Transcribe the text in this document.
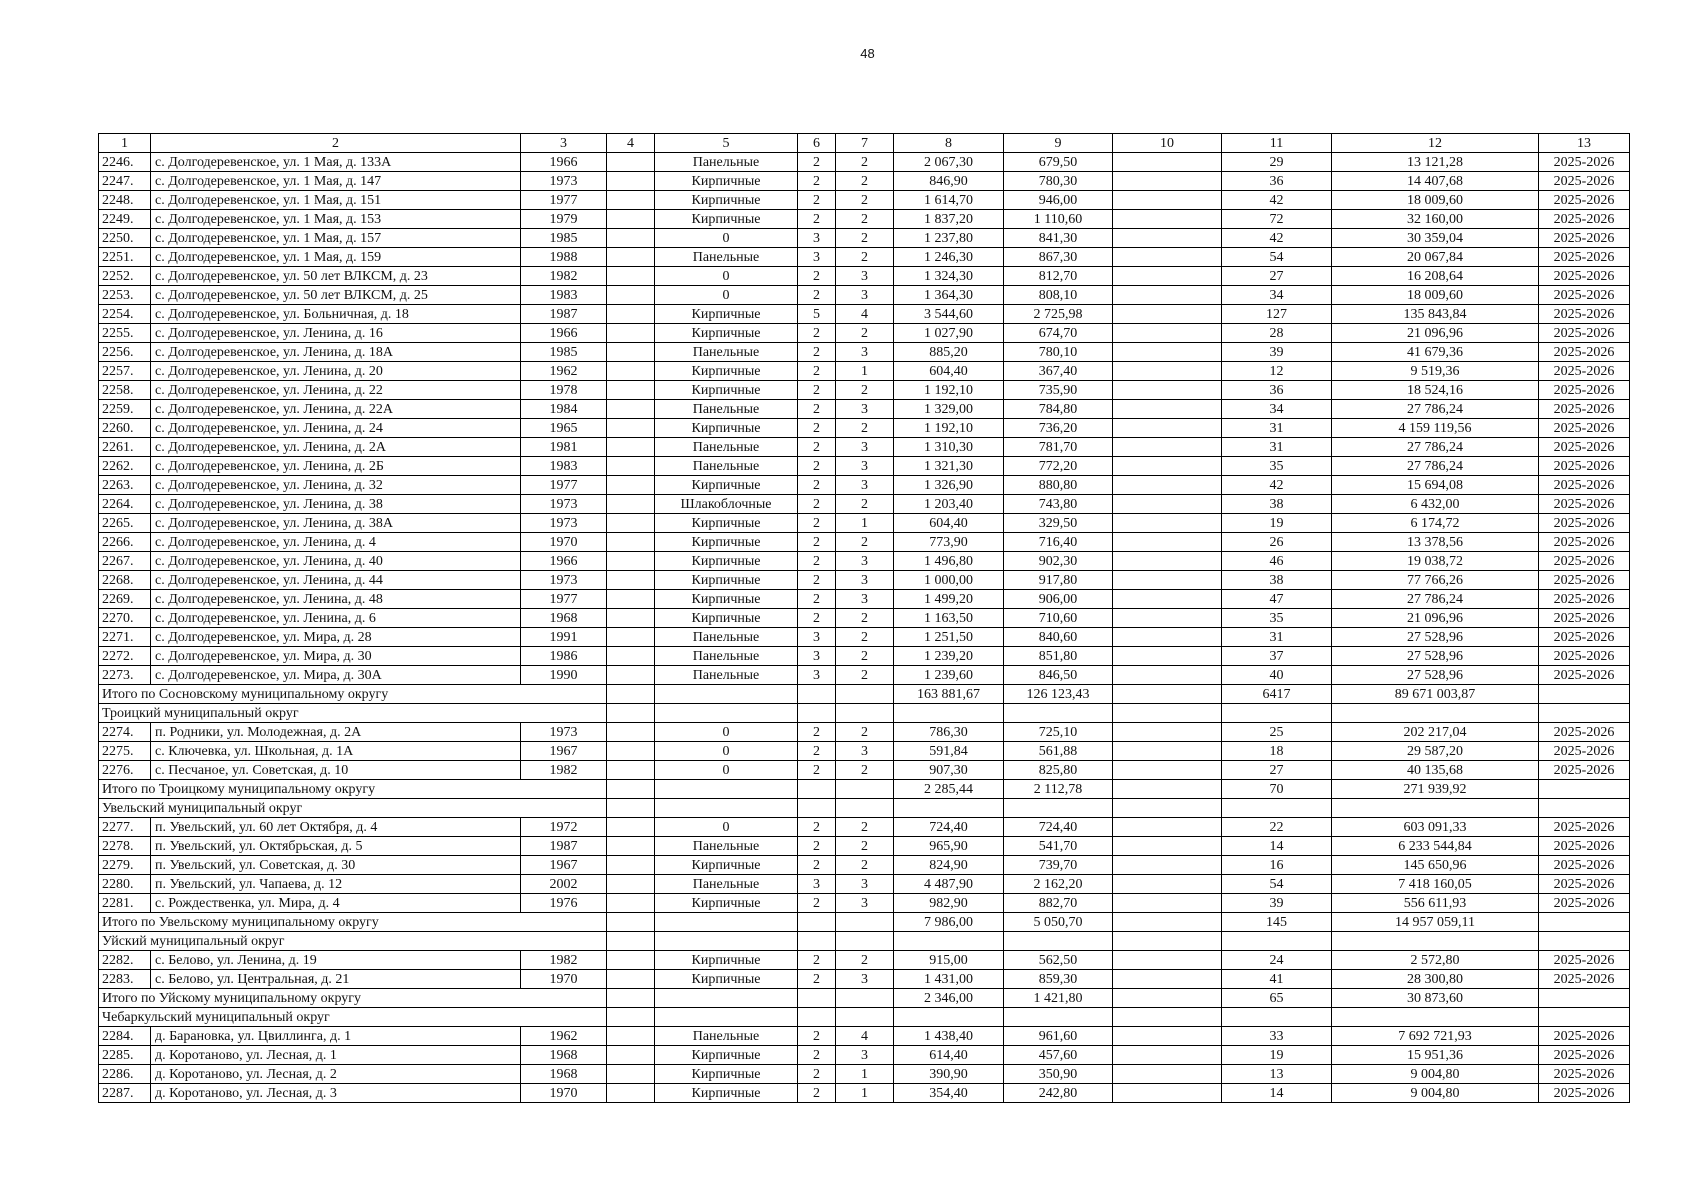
48
1	2	3	4	5	6	7	8	9	10	11	12	13
2246.	с. Долгодеревенское, ул. 1 Мая, д. 133А	1966		Панельные	2	2	2 067,30	679,50		29	13 121,28	2025-2026
2247.	с. Долгодеревенское, ул. 1 Мая, д. 147	1973		Кирпичные	2	2	846,90	780,30		36	14 407,68	2025-2026
2248.	с. Долгодеревенское, ул. 1 Мая, д. 151	1977		Кирпичные	2	2	1 614,70	946,00		42	18 009,60	2025-2026
2249.	с. Долгодеревенское, ул. 1 Мая, д. 153	1979		Кирпичные	2	2	1 837,20	1 110,60		72	32 160,00	2025-2026
2250.	с. Долгодеревенское, ул. 1 Мая, д. 157	1985		0	3	2	1 237,80	841,30		42	30 359,04	2025-2026
2251.	с. Долгодеревенское, ул. 1 Мая, д. 159	1988		Панельные	3	2	1 246,30	867,30		54	20 067,84	2025-2026
2252.	с. Долгодеревенское, ул. 50 лет ВЛКСМ, д. 23	1982		0	2	3	1 324,30	812,70		27	16 208,64	2025-2026
2253.	с. Долгодеревенское, ул. 50 лет ВЛКСМ, д. 25	1983		0	2	3	1 364,30	808,10		34	18 009,60	2025-2026
2254.	с. Долгодеревенское, ул. Больничная, д. 18	1987		Кирпичные	5	4	3 544,60	2 725,98		127	135 843,84	2025-2026
2255.	с. Долгодеревенское, ул. Ленина, д. 16	1966		Кирпичные	2	2	1 027,90	674,70		28	21 096,96	2025-2026
2256.	с. Долгодеревенское, ул. Ленина, д. 18А	1985		Панельные	2	3	885,20	780,10		39	41 679,36	2025-2026
2257.	с. Долгодеревенское, ул. Ленина, д. 20	1962		Кирпичные	2	1	604,40	367,40		12	9 519,36	2025-2026
2258.	с. Долгодеревенское, ул. Ленина, д. 22	1978		Кирпичные	2	2	1 192,10	735,90		36	18 524,16	2025-2026
2259.	с. Долгодеревенское, ул. Ленина, д. 22А	1984		Панельные	2	3	1 329,00	784,80		34	27 786,24	2025-2026
2260.	с. Долгодеревенское, ул. Ленина, д. 24	1965		Кирпичные	2	2	1 192,10	736,20		31	4 159 119,56	2025-2026
2261.	с. Долгодеревенское, ул. Ленина, д. 2А	1981		Панельные	2	3	1 310,30	781,70		31	27 786,24	2025-2026
2262.	с. Долгодеревенское, ул. Ленина, д. 2Б	1983		Панельные	2	3	1 321,30	772,20		35	27 786,24	2025-2026
2263.	с. Долгодеревенское, ул. Ленина, д. 32	1977		Кирпичные	2	3	1 326,90	880,80		42	15 694,08	2025-2026
2264.	с. Долгодеревенское, ул. Ленина, д. 38	1973		Шлакоблочные	2	2	1 203,40	743,80		38	6 432,00	2025-2026
2265.	с. Долгодеревенское, ул. Ленина, д. 38А	1973		Кирпичные	2	1	604,40	329,50		19	6 174,72	2025-2026
2266.	с. Долгодеревенское, ул. Ленина, д. 4	1970		Кирпичные	2	2	773,90	716,40		26	13 378,56	2025-2026
2267.	с. Долгодеревенское, ул. Ленина, д. 40	1966		Кирпичные	2	3	1 496,80	902,30		46	19 038,72	2025-2026
2268.	с. Долгодеревенское, ул. Ленина, д. 44	1973		Кирпичные	2	3	1 000,00	917,80		38	77 766,26	2025-2026
2269.	с. Долгодеревенское, ул. Ленина, д. 48	1977		Кирпичные	2	3	1 499,20	906,00		47	27 786,24	2025-2026
2270.	с. Долгодеревенское, ул. Ленина, д. 6	1968		Кирпичные	2	2	1 163,50	710,60		35	21 096,96	2025-2026
2271.	с. Долгодеревенское, ул. Мира, д. 28	1991		Панельные	3	2	1 251,50	840,60		31	27 528,96	2025-2026
2272.	с. Долгодеревенское, ул. Мира, д. 30	1986		Панельные	3	2	1 239,20	851,80		37	27 528,96	2025-2026
2273.	с. Долгодеревенское, ул. Мира, д. 30А	1990		Панельные	3	2	1 239,60	846,50		40	27 528,96	2025-2026
Итого по Сосновскому муниципальному округу							163 881,67	126 123,43		6417	89 671 003,87	
Троицкий муниципальный округ												
2274.	п. Родники, ул. Молодежная, д. 2А	1973		0	2	2	786,30	725,10		25	202 217,04	2025-2026
2275.	с. Ключевка, ул. Школьная, д. 1А	1967		0	2	3	591,84	561,88		18	29 587,20	2025-2026
2276.	с. Песчаное, ул. Советская, д. 10	1982		0	2	2	907,30	825,80		27	40 135,68	2025-2026
Итого по Троицкому муниципальному округу							2 285,44	2 112,78		70	271 939,92	
Увельский муниципальный округ												
2277.	п. Увельский, ул. 60 лет Октября, д. 4	1972		0	2	2	724,40	724,40		22	603 091,33	2025-2026
2278.	п. Увельский, ул. Октябрьская, д. 5	1987		Панельные	2	2	965,90	541,70		14	6 233 544,84	2025-2026
2279.	п. Увельский, ул. Советская, д. 30	1967		Кирпичные	2	2	824,90	739,70		16	145 650,96	2025-2026
2280.	п. Увельский, ул. Чапаева, д. 12	2002		Панельные	3	3	4 487,90	2 162,20		54	7 418 160,05	2025-2026
2281.	с. Рождественка, ул. Мира, д. 4	1976		Кирпичные	2	3	982,90	882,70		39	556 611,93	2025-2026
Итого по Увельскому муниципальному округу							7 986,00	5 050,70		145	14 957 059,11	
Уйский муниципальный округ												
2282.	с. Белово, ул. Ленина, д. 19	1982		Кирпичные	2	2	915,00	562,50		24	2 572,80	2025-2026
2283.	с. Белово, ул. Центральная, д. 21	1970		Кирпичные	2	3	1 431,00	859,30		41	28 300,80	2025-2026
Итого по Уйскому муниципальному округу							2 346,00	1 421,80		65	30 873,60	
Чебаркульский муниципальный округ												
2284.	д. Барановка, ул. Цвиллинга, д. 1	1962		Панельные	2	4	1 438,40	961,60		33	7 692 721,93	2025-2026
2285.	д. Коротаново, ул. Лесная, д. 1	1968		Кирпичные	2	3	614,40	457,60		19	15 951,36	2025-2026
2286.	д. Коротаново, ул. Лесная, д. 2	1968		Кирпичные	2	1	390,90	350,90		13	9 004,80	2025-2026
2287.	д. Коротаново, ул. Лесная, д. 3	1970		Кирпичные	2	1	354,40	242,80		14	9 004,80	2025-2026
